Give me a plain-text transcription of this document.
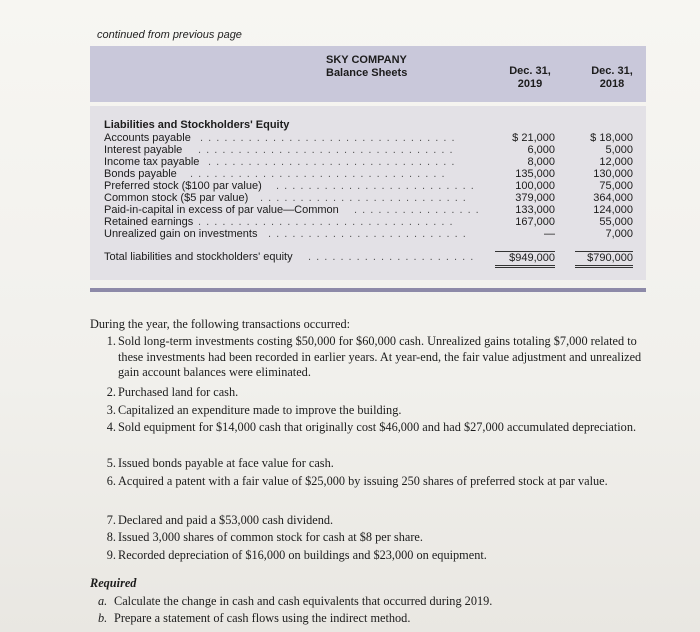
continued from previous page
SKY COMPANY
Balance Sheets	Dec. 31,
2019
Dec. 31,
2018
Liabilities and Stockholders' Equity
Accounts payable . . . . . . . . . . . . . . . . . . . . . . . . . . . . . . . .	$ 21,000	$ 18,000
Interest payable . . . . . . . . . . . . . . . . . . . . . . . . . . . . . . . .	6,000	5,000
Income tax payable . . . . . . . . . . . . . . . . . . . . . . . . . . . . . . .	8,000	12,000
Bonds payable . . . . . . . . . . . . . . . . . . . . . . . . . . . . . . . .	135,000	130,000
Preferred stock ($100 par value) . . . . . . . . . . . . . . . . . . . . . . . . .	100,000	75,000
Common stock ($5 par value) . . . . . . . . . . . . . . . . . . . . . . . . . .	379,000	364,000
Paid-in-capital in excess of par value—Common . . . . . . . . . . . . . . . .	133,000	124,000
Retained earnings . . . . . . . . . . . . . . . . . . . . . . . . . . . . . . . .	167,000	55,000
Unrealized gain on investments . . . . . . . . . . . . . . . . . . . . . . . . .	—	7,000
Total liabilities and stockholders' equity . . . . . . . . . . . . . . . . . . . . .	$949,000	$790,000
During the year, the following transactions occurred:
1. Sold long-term investments costing $50,000 for $60,000 cash. Unrealized gains totaling $7,000 related to these investments had been recorded in earlier years. At year-end, the fair value adjustment and unrealized gain account balances were eliminated.
2. Purchased land for cash.
3. Capitalized an expenditure made to improve the building.
4. Sold equipment for $14,000 cash that originally cost $46,000 and had $27,000 accumulated depreciation.
5. Issued bonds payable at face value for cash.
6. Acquired a patent with a fair value of $25,000 by issuing 250 shares of preferred stock at par value.
7. Declared and paid a $53,000 cash dividend.
8. Issued 3,000 shares of common stock for cash at $8 per share.
9. Recorded depreciation of $16,000 on buildings and $23,000 on equipment.
Required
a. Calculate the change in cash and cash equivalents that occurred during 2019.
b. Prepare a statement of cash flows using the indirect method.
